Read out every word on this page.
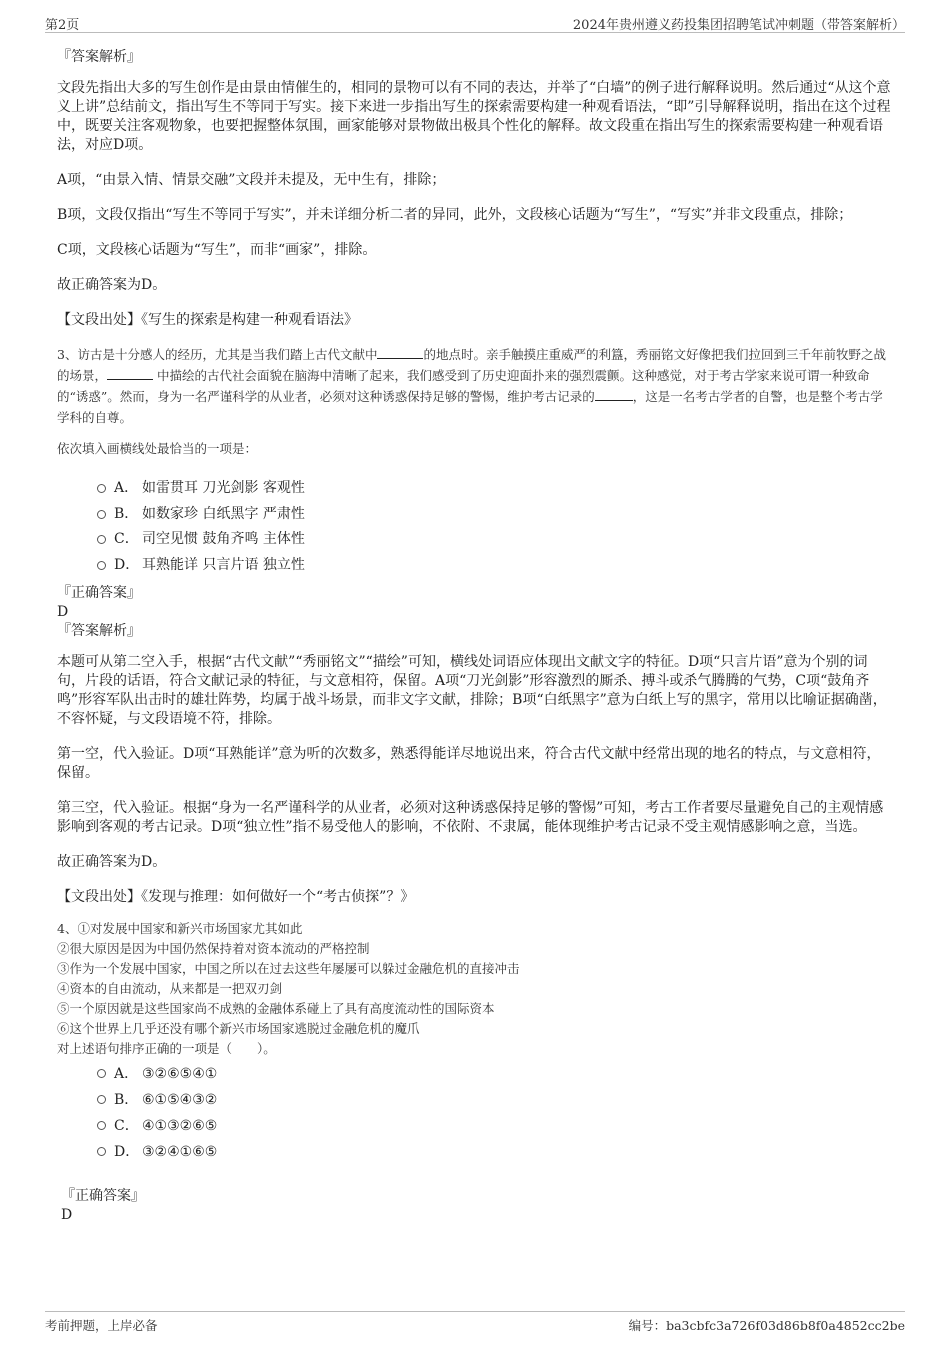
第2页	2024年贵州遵义药投集团招聘笔试冲刺题（带答案解析）

『答案解析』

文段先指出大多的写生创作是由景由情催生的，相同的景物可以有不同的表达，并举了“白墙”的例子进行解释说明。然后通过“从这个意义上讲”总结前文，指出写生不等同于写实。接下来进一步指出写生的探索需要构建一种观看语法，“即”引导解释说明，指出在这个过程中，既要关注客观物象，也要把握整体氛围，画家能够对景物做出极具个性化的解释。故文段重在指出写生的探索需要构建一种观看语法，对应D项。

A项，“由景入情、情景交融”文段并未提及，无中生有，排除；

B项，文段仅指出“写生不等同于写实”，并未详细分析二者的异同，此外，文段核心话题为“写生”，“写实”并非文段重点，排除；

C项，文段核心话题为“写生”，而非“画家”，排除。

故正确答案为D。

【文段出处】《写生的探索是构建一种观看语法》

3、访古是十分感人的经历，尤其是当我们踏上古代文献中	的地点时。亲手触摸庄重威严的利簋，秀丽铭文好像把我们拉回到三千年前牧野之战的场景，	中描绘的古代社会面貌在脑海中清晰了起来，我们感受到了历史迎面扑来的强烈震颤。这种感觉，对于考古学家来说可谓一种致命的“诱惑”。然而，身为一名严谨科学的从业者，必须对这种诱惑保持足够的警惕，维护考古记录的	，这是一名考古学者的自警，也是整个考古学学科的自尊。

依次填入画横线处最恰当的一项是：

A． 如雷贯耳 刀光剑影 客观性
B． 如数家珍 白纸黑字 严肃性
C． 司空见惯 鼓角齐鸣 主体性
D． 耳熟能详 只言片语 独立性

『正确答案』

D

『答案解析』

本题可从第二空入手，根据“古代文献”“秀丽铭文”“描绘”可知，横线处词语应体现出文献文字的特征。D项“只言片语”意为个别的词句，片段的话语，符合文献记录的特征，与文意相符，保留。A项“刀光剑影”形容激烈的厮杀、搏斗或杀气腾腾的气势，C项“鼓角齐鸣”形容军队出击时的雄壮阵势，均属于战斗场景，而非文字文献，排除；B项“白纸黑字”意为白纸上写的黑字，常用以比喻证据确凿，不容怀疑，与文段语境不符，排除。

第一空，代入验证。D项“耳熟能详”意为听的次数多，熟悉得能详尽地说出来，符合古代文献中经常出现的地名的特点，与文意相符，保留。

第三空，代入验证。根据“身为一名严谨科学的从业者，必须对这种诱惑保持足够的警惕”可知，考古工作者要尽量避免自己的主观情感影响到客观的考古记录。D项“独立性”指不易受他人的影响，不依附、不隶属，能体现维护考古记录不受主观情感影响之意，当选。

故正确答案为D。

【文段出处】《发现与推理：如何做好一个“考古侦探”？》

4、①对发展中国家和新兴市场国家尤其如此

②很大原因是因为中国仍然保持着对资本流动的严格控制

③作为一个发展中国家，中国之所以在过去这些年屡屡可以躲过金融危机的直接冲击

④资本的自由流动，从来都是一把双刃剑

⑤一个原因就是这些国家尚不成熟的金融体系碰上了具有高度流动性的国际资本

⑥这个世界上几乎还没有哪个新兴市场国家逃脱过金融危机的魔爪

对上述语句排序正确的一项是（　　）。

A． ③②⑥⑤④①
B． ⑥①⑤④③②
C． ④①③②⑥⑤
D． ③②④①⑥⑤

『正确答案』

D

考前押题，上岸必备	编号：ba3cbfc3a726f03d86b8f0a4852cc2be
